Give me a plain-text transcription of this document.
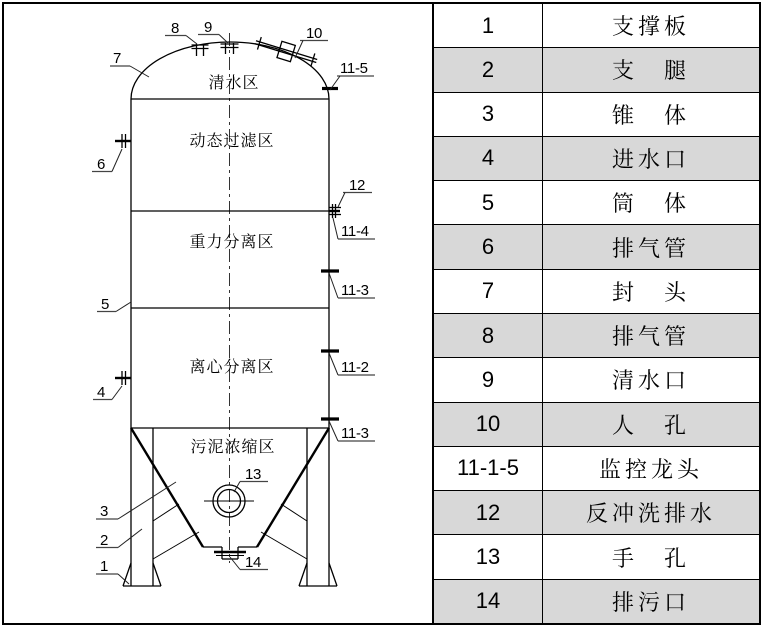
清水区
动态过滤区
重力分离区
离心分离区
污泥浓缩区
7
8 9	10
11-5
6
12
11-4
11-3
5
11-2
4
11-3
13
14
3
2
1
1	支撑板
2	支　腿
3	锥　体
4	进水口
5	筒　体
6	排气管
7	封　头
8	排气管
9	清水口
10	人　孔
11-1-5	监控龙头
12	反冲洗排水
13	手　孔
14	排污口
